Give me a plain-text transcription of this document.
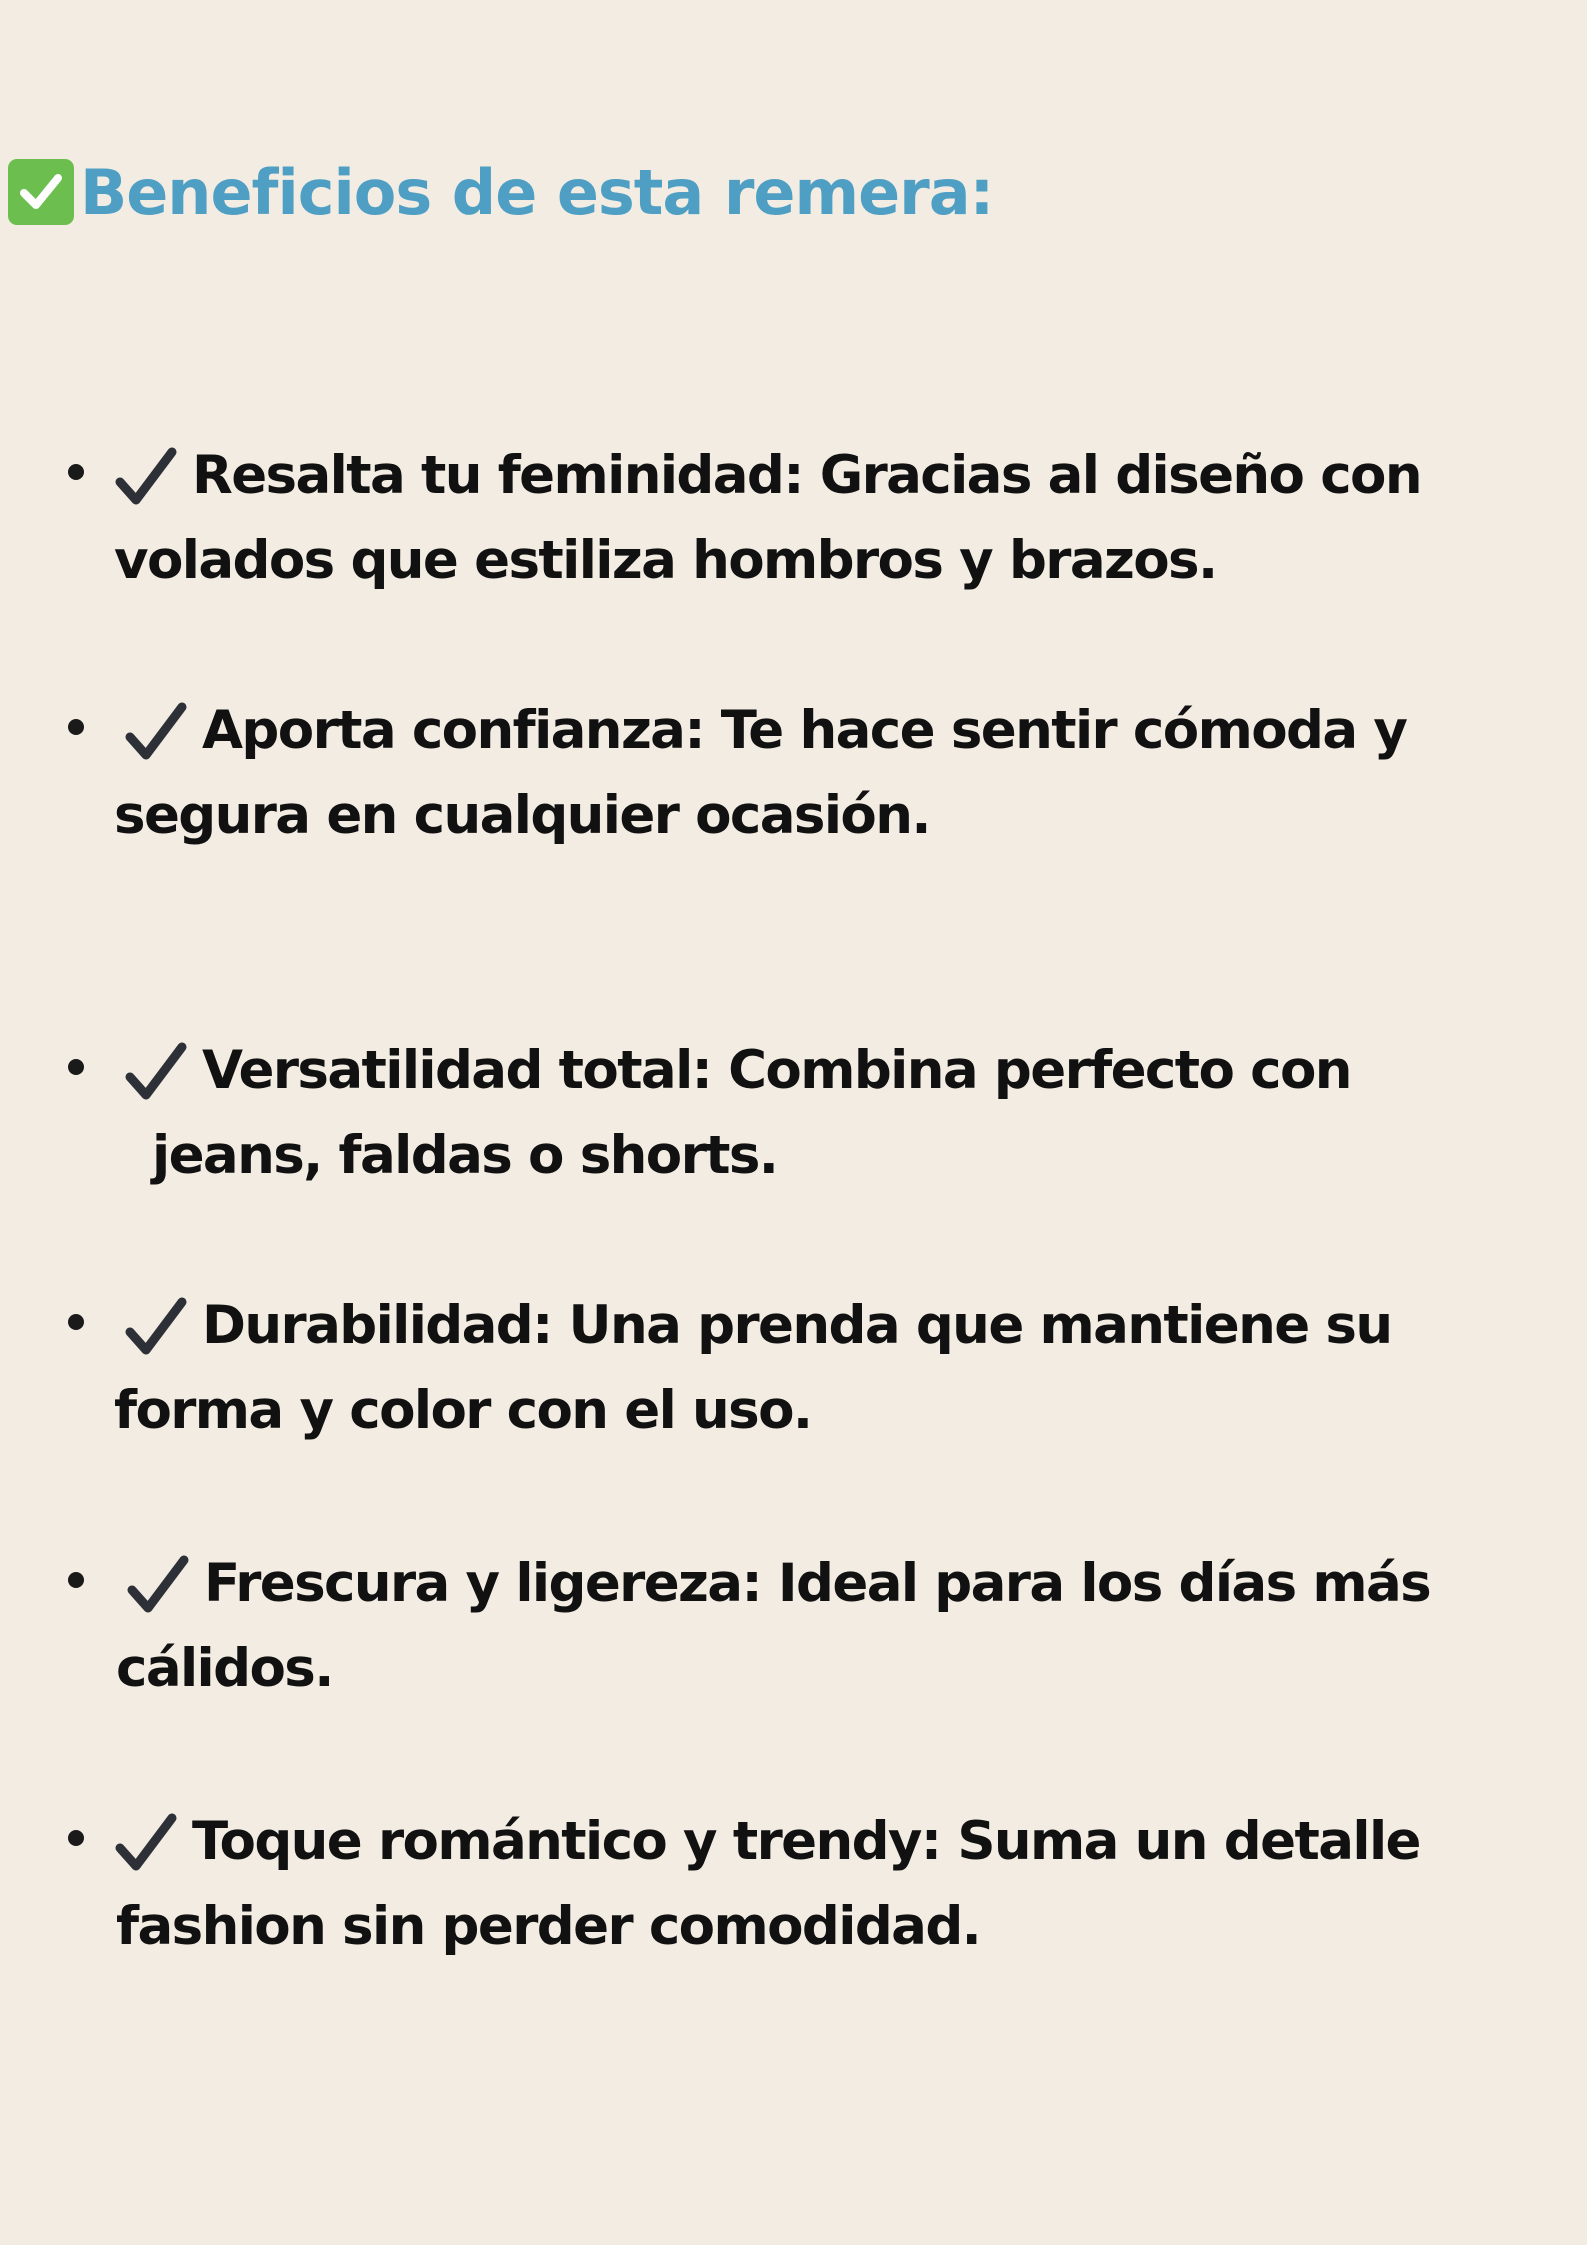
Beneficios de esta remera:
Resalta tu feminidad: Gracias al diseño con
volados que estiliza hombros y brazos.
Aporta confianza: Te hace sentir cómoda y
segura en cualquier ocasión.
Versatilidad total: Combina perfecto con
jeans, faldas o shorts.
Durabilidad: Una prenda que mantiene su
forma y color con el uso.
Frescura y ligereza: Ideal para los días más
cálidos.
Toque romántico y trendy: Suma un detalle
fashion sin perder comodidad.
